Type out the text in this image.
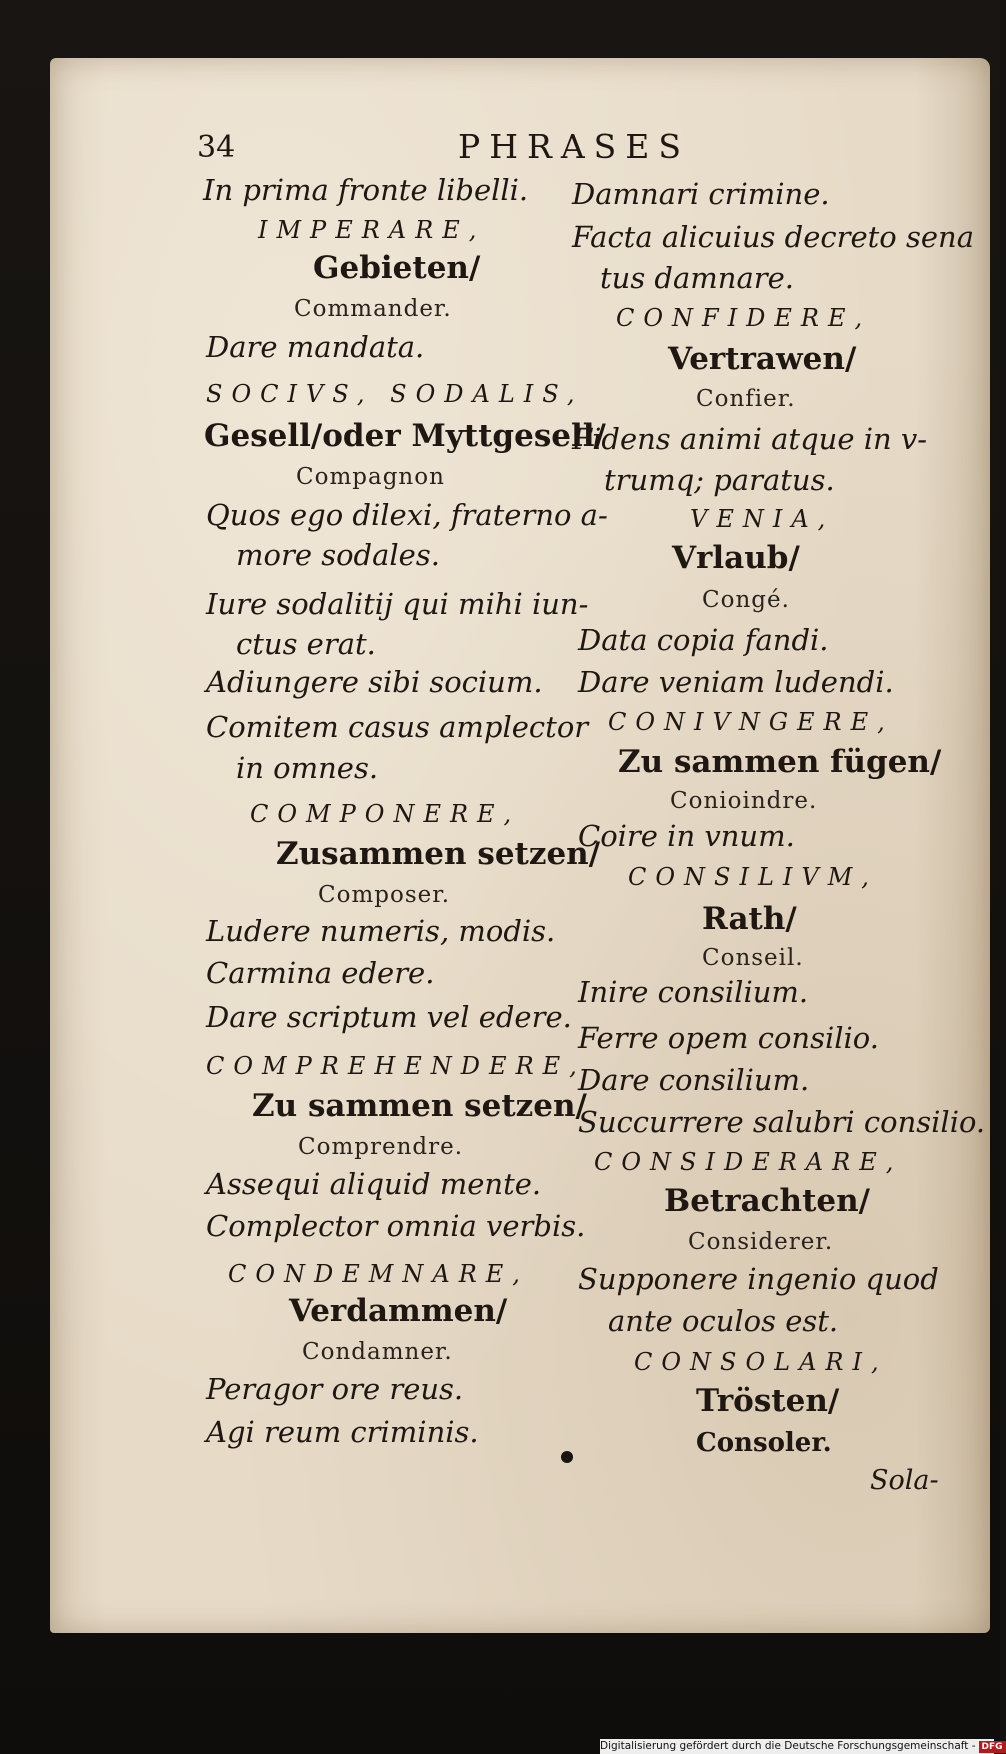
34	PHRASES
In prima fronte libelli.
IMPERARE,
Gebieten/
Commander.
Dare mandata.
SOCIVS, SODALIS,
Gesell/oder Myttgesell/
Compagnon
Quos ego dilexi, fraterno a-
more sodales.
Iure sodalitij qui mihi iun-
ctus erat.
Adiungere sibi socium.
Comitem casus amplector
in omnes.
COMPONERE,
Zusammen setzen/
Composer.
Ludere numeris, modis.
Carmina edere.
Dare scriptum vel edere.
COMPREHENDERE,
Zu sammen setzen/
Comprendre.
Assequi aliquid mente.
Complector omnia verbis.
CONDEMNARE,
Verdammen/
Condamner.
Peragor ore reus.
Agi reum criminis.
Damnari crimine.
Facta alicuius decreto sena
tus damnare.
CONFIDERE,
Vertrawen/
Confier.
Fidens animi atque in v-
trumq; paratus.
VENIA,
Vrlaub/
Congé.
Data copia fandi.
Dare veniam ludendi.
CONIVNGERE,
Zu sammen fügen/
Conioindre.
Coire in vnum.
CONSILIVM,
Rath/
Conseil.
Inire consilium.
Ferre opem consilio.
Dare consilium.
Succurrere salubri consilio.
CONSIDERARE,
Betrachten/
Considerer.
Supponere ingenio quod
ante oculos est.
CONSOLARI,
Trösten/
Consoler.
Sola-
Digitalisierung gefördert durch die Deutsche Forschungsgemeinschaft - DFG
